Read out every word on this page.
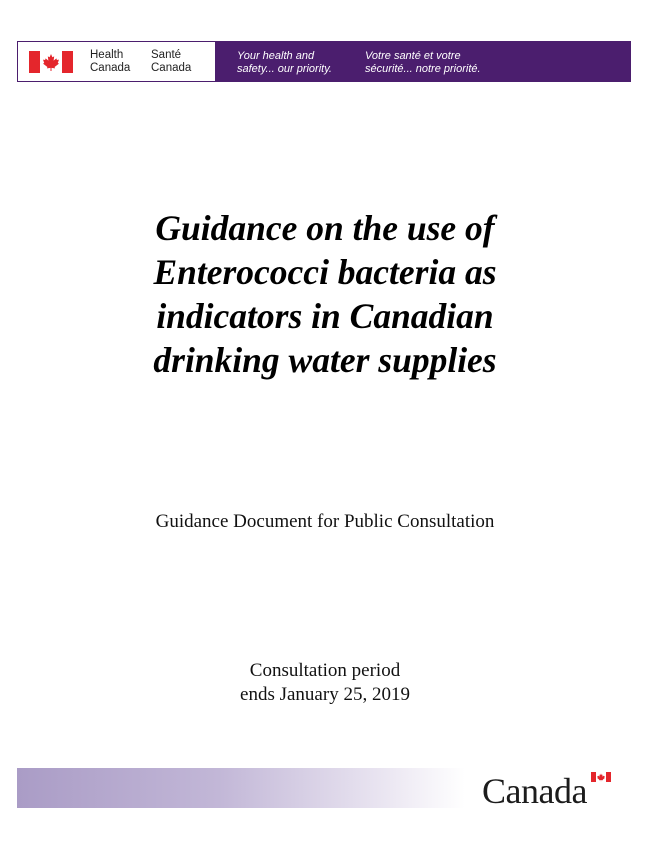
Health
Canada
Santé
Canada
Your health and
safety... our priority.
Votre santé et votre
sécurité... notre priorité.
Guidance on the use of
Enterococci bacteria as
indicators in Canadian
drinking water supplies
Guidance Document for Public Consultation
Consultation period
ends January 25, 2019
Canada
